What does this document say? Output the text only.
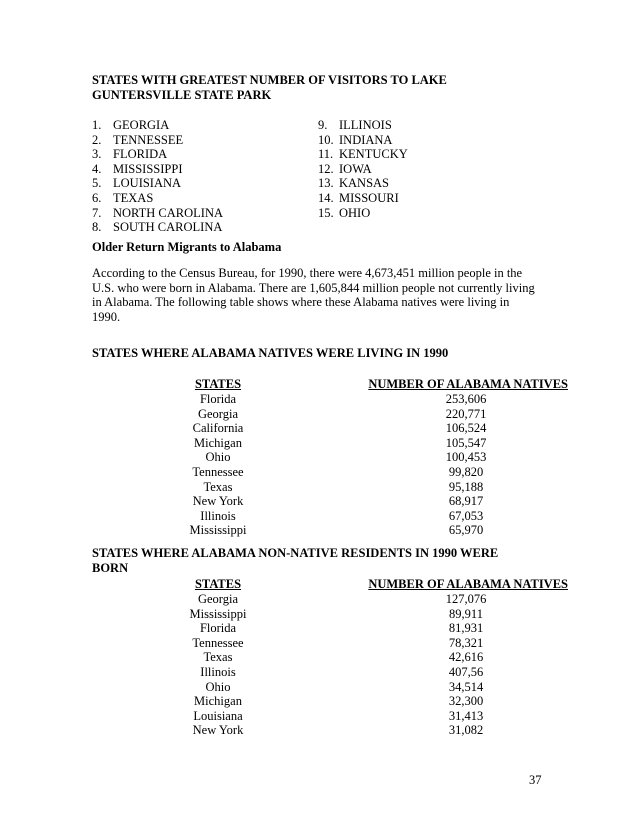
STATES WITH GREATEST NUMBER OF VISITORS TO LAKE
GUNTERSVILLE STATE PARK
1. GEORGIA
2. TENNESSEE
3. FLORIDA
4. MISSISSIPPI
5. LOUISIANA
6. TEXAS
7. NORTH CAROLINA
8. SOUTH CAROLINA
9. ILLINOIS
10. INDIANA
11. KENTUCKY
12. IOWA
13. KANSAS
14. MISSOURI
15. OHIO
Older Return Migrants to Alabama
According to the Census Bureau, for 1990, there were 4,673,451 million people in the
U.S. who were born in Alabama. There are 1,605,844 million people not currently living
in Alabama. The following table shows where these Alabama natives were living in
1990.
STATES WHERE ALABAMA NATIVES WERE LIVING IN 1990
STATES	NUMBER OF ALABAMA NATIVES
Florida	253,606
Georgia	220,771
California	106,524
Michigan	105,547
Ohio	100,453
Tennessee	99,820
Texas	95,188
New York	68,917
Illinois	67,053
Mississippi	65,970
STATES WHERE ALABAMA NON-NATIVE RESIDENTS IN 1990 WERE
BORN
STATES	NUMBER OF ALABAMA NATIVES
Georgia	127,076
Mississippi	89,911
Florida	81,931
Tennessee	78,321
Texas	42,616
Illinois	407,56
Ohio	34,514
Michigan	32,300
Louisiana	31,413
New York	31,082
37
